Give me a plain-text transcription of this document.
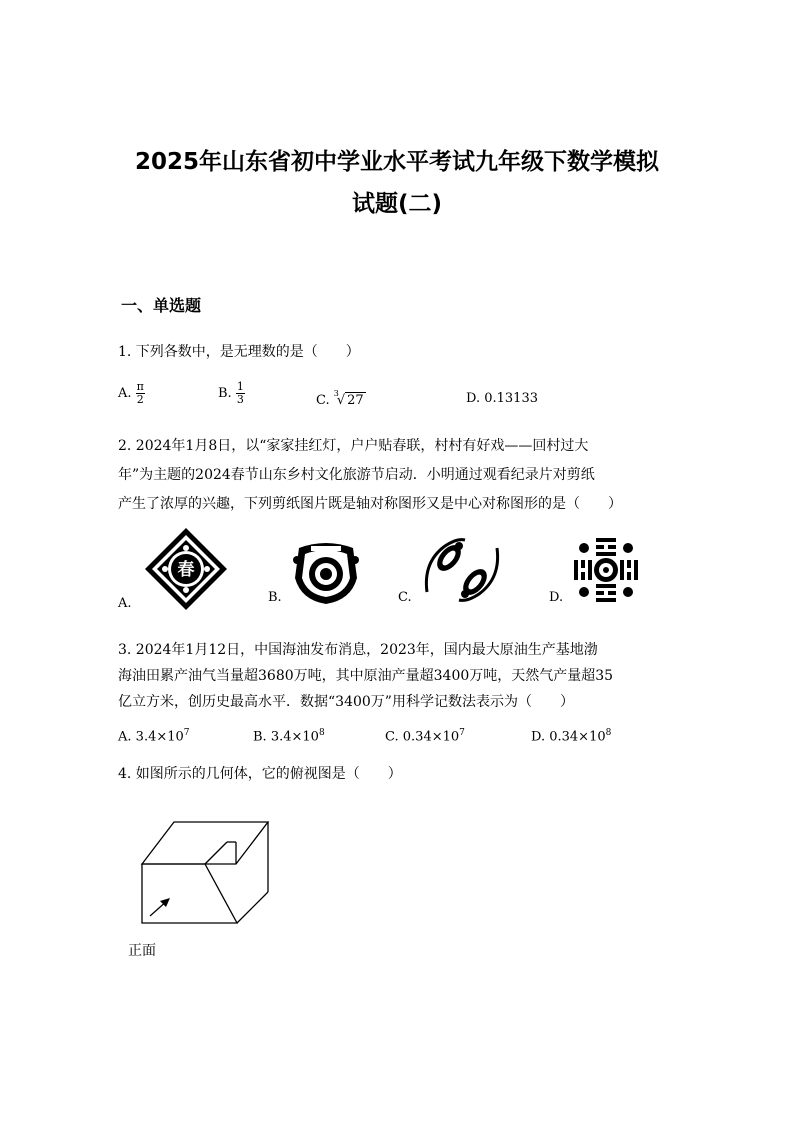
2025年山东省初中学业水平考试九年级下数学模拟
试题(二)
一、单选题
1. 下列各数中，是无理数的是（　　）
A. $\frac{\pi}{2}$	B. $\frac{1}{3}$	C. $^3$√ 27	D. 0.13133
2. 2024年1月8日，以“家家挂红灯，户户贴春联，村村有好戏——回村过大
年”为主题的2024春节山东乡村文化旅游节启动．小明通过观看纪录片对剪纸
产生了浓厚的兴趣，下列剪纸图片既是轴对称图形又是中心对称图形的是（　　）
A.
春
B.	C.	D.
3. 2024年1月12日，中国海油发布消息，2023年，国内最大原油生产基地渤
海油田累产油气当量超3680万吨，其中原油产量超3400万吨，天然气产量超35
亿立方米，创历史最高水平．数据“3400万”用科学记数法表示为（　　）
A. $3.4\times 10^7$	B. $3.4\times 10^8$	C. $0.34\times 10^7$	D. $0.34\times 10^8$
4. 如图所示的几何体，它的俯视图是（　　）
正面
